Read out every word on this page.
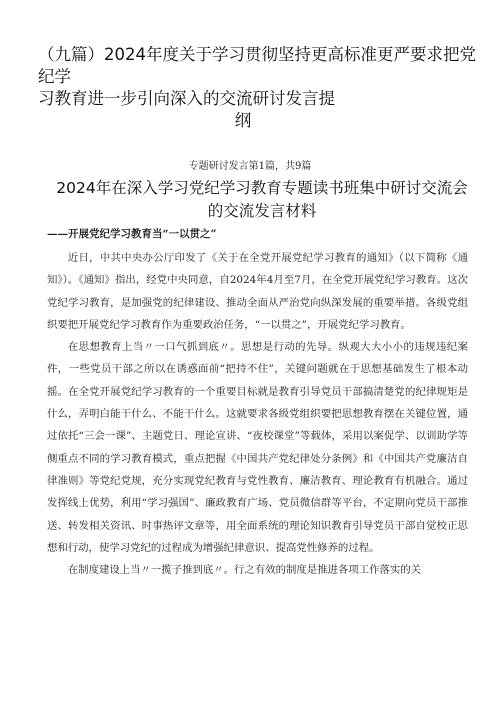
（九篇）2024年度关于学习贯彻坚持更高标准更严要求把党纪学
习教育进一步引向深入的交流研讨发言提
纲
专题研讨发言第1篇，共9篇
2024年在深入学习党纪学习教育专题读书班集中研讨交流会的交流发言材料
——开展党纪学习教育当“一以贯之”

近日，中共中央办公厅印发了《关于在全党开展党纪学习教育的通知》（以下简称《通知》）。《通知》指出，经党中央同意，自2024年4月至7月，在全党开展党纪学习教育。这次党纪学习教育，是加强党的纪律建设、推动全面从严治党向纵深发展的重要举措。各级党组织要把开展党纪学习教育作为重要政治任务，“一以贯之”，开展党纪学习教育。

在思想教育上当〃一口气抓到底〃。思想是行动的先导。纵观大大小小的违规违纪案件，一些党员干部之所以在诱惑面前“把持不住”，关键问题就在于思想基础发生了根本动摇。在全党开展党纪学习教育的一个重要目标就是教育引导党员干部搞清楚党的纪律规矩是什么，弄明白能干什么、不能干什么。这就要求各级党组织要把思想教育摆在关键位置，通过依托“三会一课”、主题党日、理论宣讲、“夜校课堂”等载体，采用以案促学、以训助学等侧重点不同的学习教育模式，重点把握《中国共产党纪律处分条例》和《中国共产党廉洁自律准则》等党纪党规，充分实现党纪教育与党性教育、廉洁教育、理论教育有机融合。通过发挥线上优势，利用“学习强国”、廉政教育广场、党员微信群等平台，不定期向党员干部推送、转发相关资讯、时事热评文章等，用全面系统的理论知识教育引导党员干部自觉校正思想和行动，使学习党纪的过程成为增强纪律意识、提高党性修养的过程。

在制度建设上当〃一揽子推到底〃。行之有效的制度是推进各项工作落实的关
